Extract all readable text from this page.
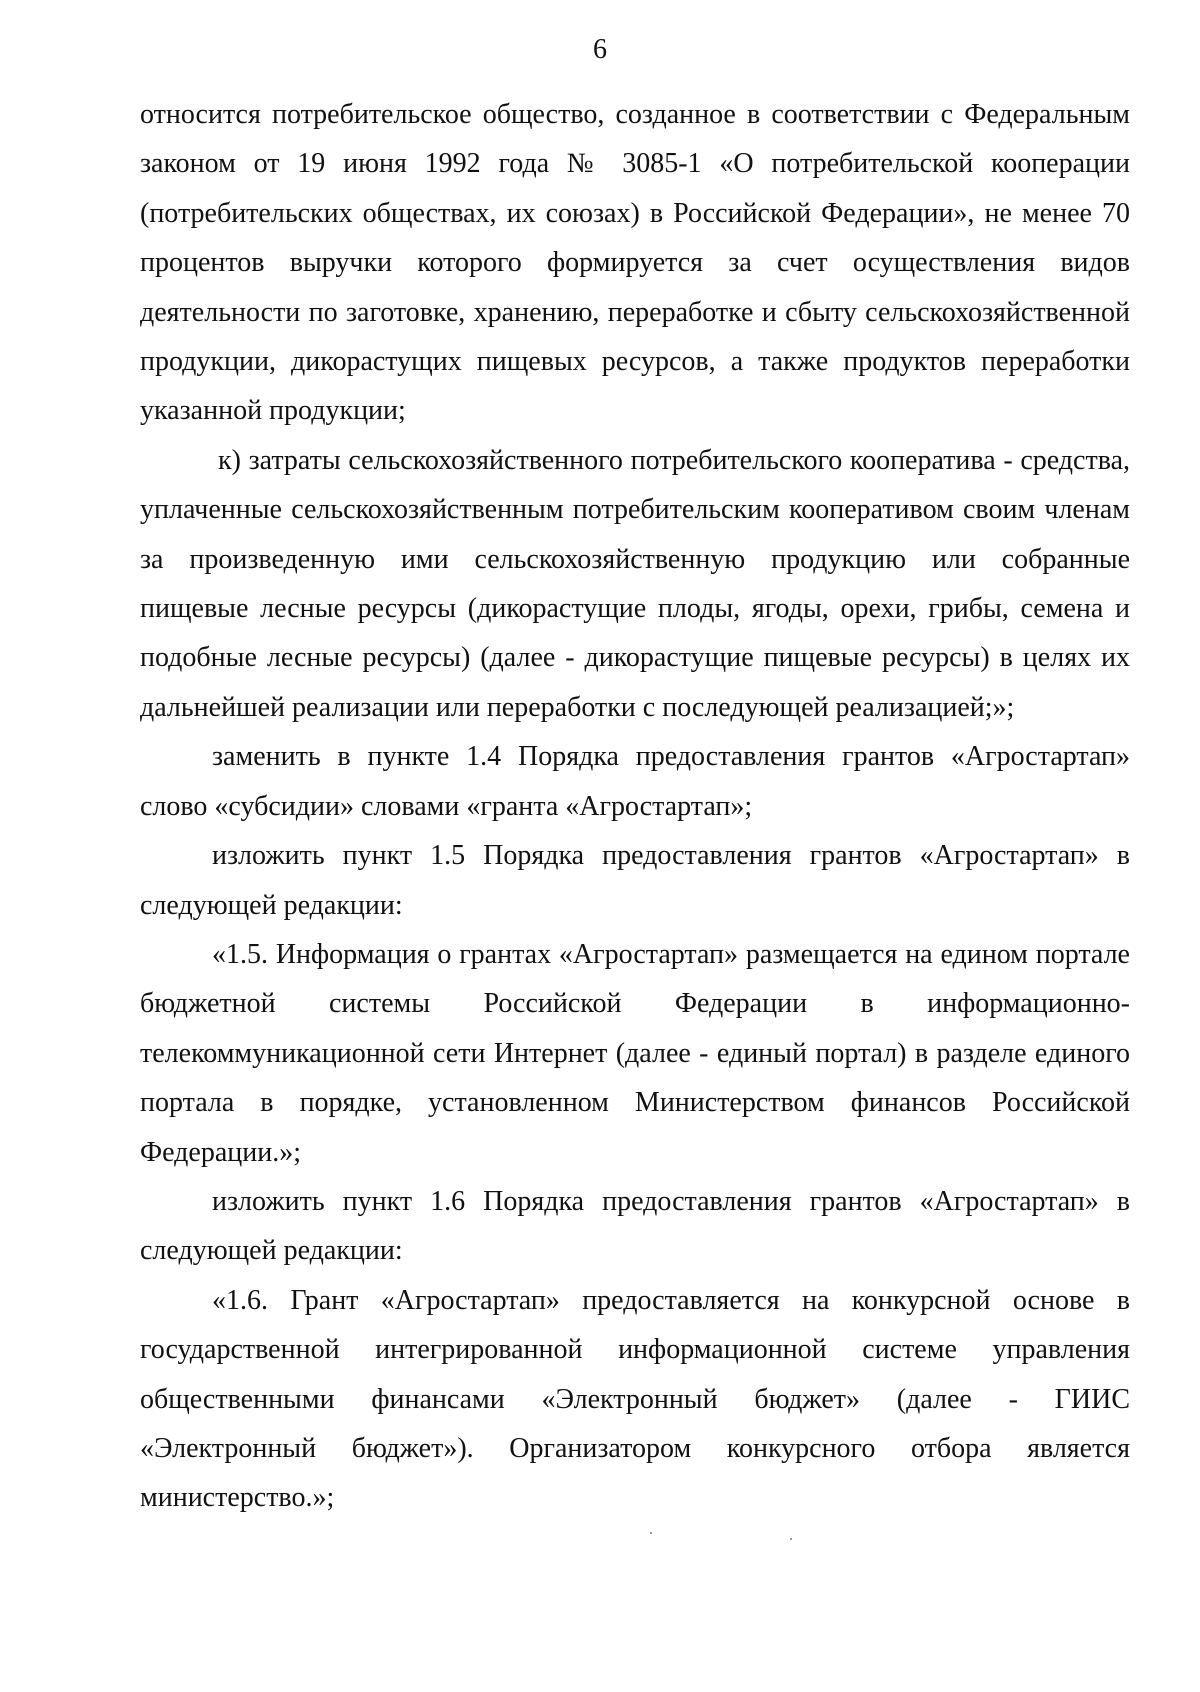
6

относится потребительское общество, созданное в соответствии с Федеральным законом от 19 июня 1992 года № 3085-1 «О потребительской кооперации (потребительских обществах, их союзах) в Российской Федерации», не менее 70 процентов выручки которого формируется за счет осуществления видов деятельности по заготовке, хранению, переработке и сбыту сельскохозяйственной продукции, дикорастущих пищевых ресурсов, а также продуктов переработки указанной продукции;

к) затраты сельскохозяйственного потребительского кооператива - средства, уплаченные сельскохозяйственным потребительским кооперативом своим членам за произведенную ими сельскохозяйственную продукцию или собранные пищевые лесные ресурсы (дикорастущие плоды, ягоды, орехи, грибы, семена и подобные лесные ресурсы) (далее - дикорастущие пищевые ресурсы) в целях их дальнейшей реализации или переработки с последующей реализацией;»;

заменить в пункте 1.4 Порядка предоставления грантов «Агростартап» слово «субсидии» словами «гранта «Агростартап»;

изложить пункт 1.5 Порядка предоставления грантов «Агростартап» в следующей редакции:

«1.5. Информация о грантах «Агростартап» размещается на едином портале бюджетной системы Российской Федерации в информационно-телекоммуникационной сети Интернет (далее - единый портал) в разделе единого портала в порядке, установленном Министерством финансов Российской Федерации.»;

изложить пункт 1.6 Порядка предоставления грантов «Агростартап» в следующей редакции:

«1.6. Грант «Агростартап» предоставляется на конкурсной основе в государственной интегрированной информационной системе управления общественными финансами «Электронный бюджет» (далее - ГИИС «Электронный бюджет»). Организатором конкурсного отбора является министерство.»;
